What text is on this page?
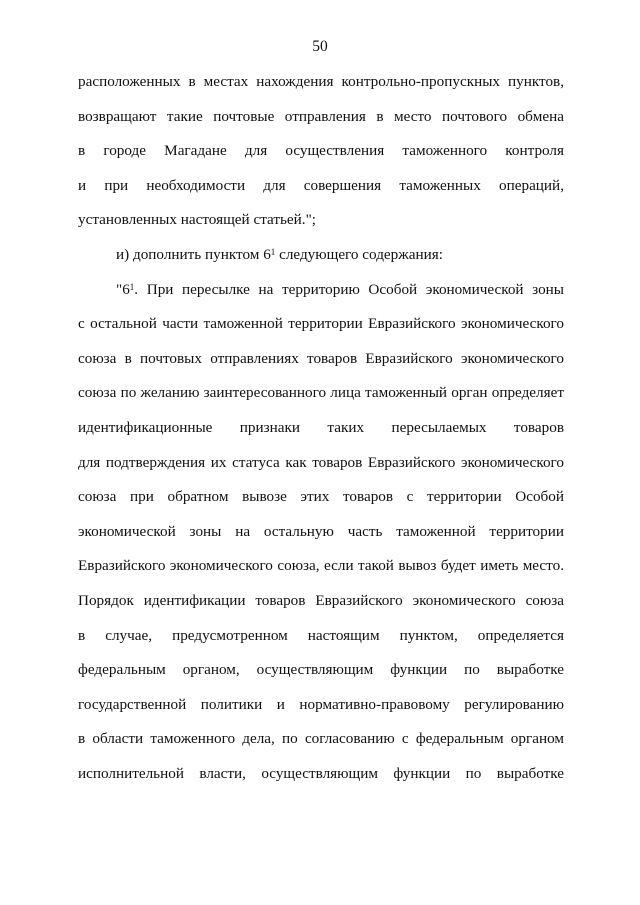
50
расположенных в местах нахождения контрольно-пропускных пунктов,
возвращают такие почтовые отправления в место почтового обмена
в городе Магадане для осуществления таможенного контроля
и при необходимости для совершения таможенных операций,
установленных настоящей статьей.";
и) дополнить пунктом $6^1$ следующего содержания:
"$6^1$. При пересылке на территорию Особой экономической зоны
с остальной части таможенной территории Евразийского экономического
союза в почтовых отправлениях товаров Евразийского экономического
союза по желанию заинтересованного лица таможенный орган определяет
идентификационные признаки таких пересылаемых товаров
для подтверждения их статуса как товаров Евразийского экономического
союза при обратном вывозе этих товаров с территории Особой
экономической зоны на остальную часть таможенной территории
Евразийского экономического союза, если такой вывоз будет иметь место.
Порядок идентификации товаров Евразийского экономического союза
в случае, предусмотренном настоящим пунктом, определяется
федеральным органом, осуществляющим функции по выработке
государственной политики и нормативно-правовому регулированию
в области таможенного дела, по согласованию с федеральным органом
исполнительной власти, осуществляющим функции по выработке
